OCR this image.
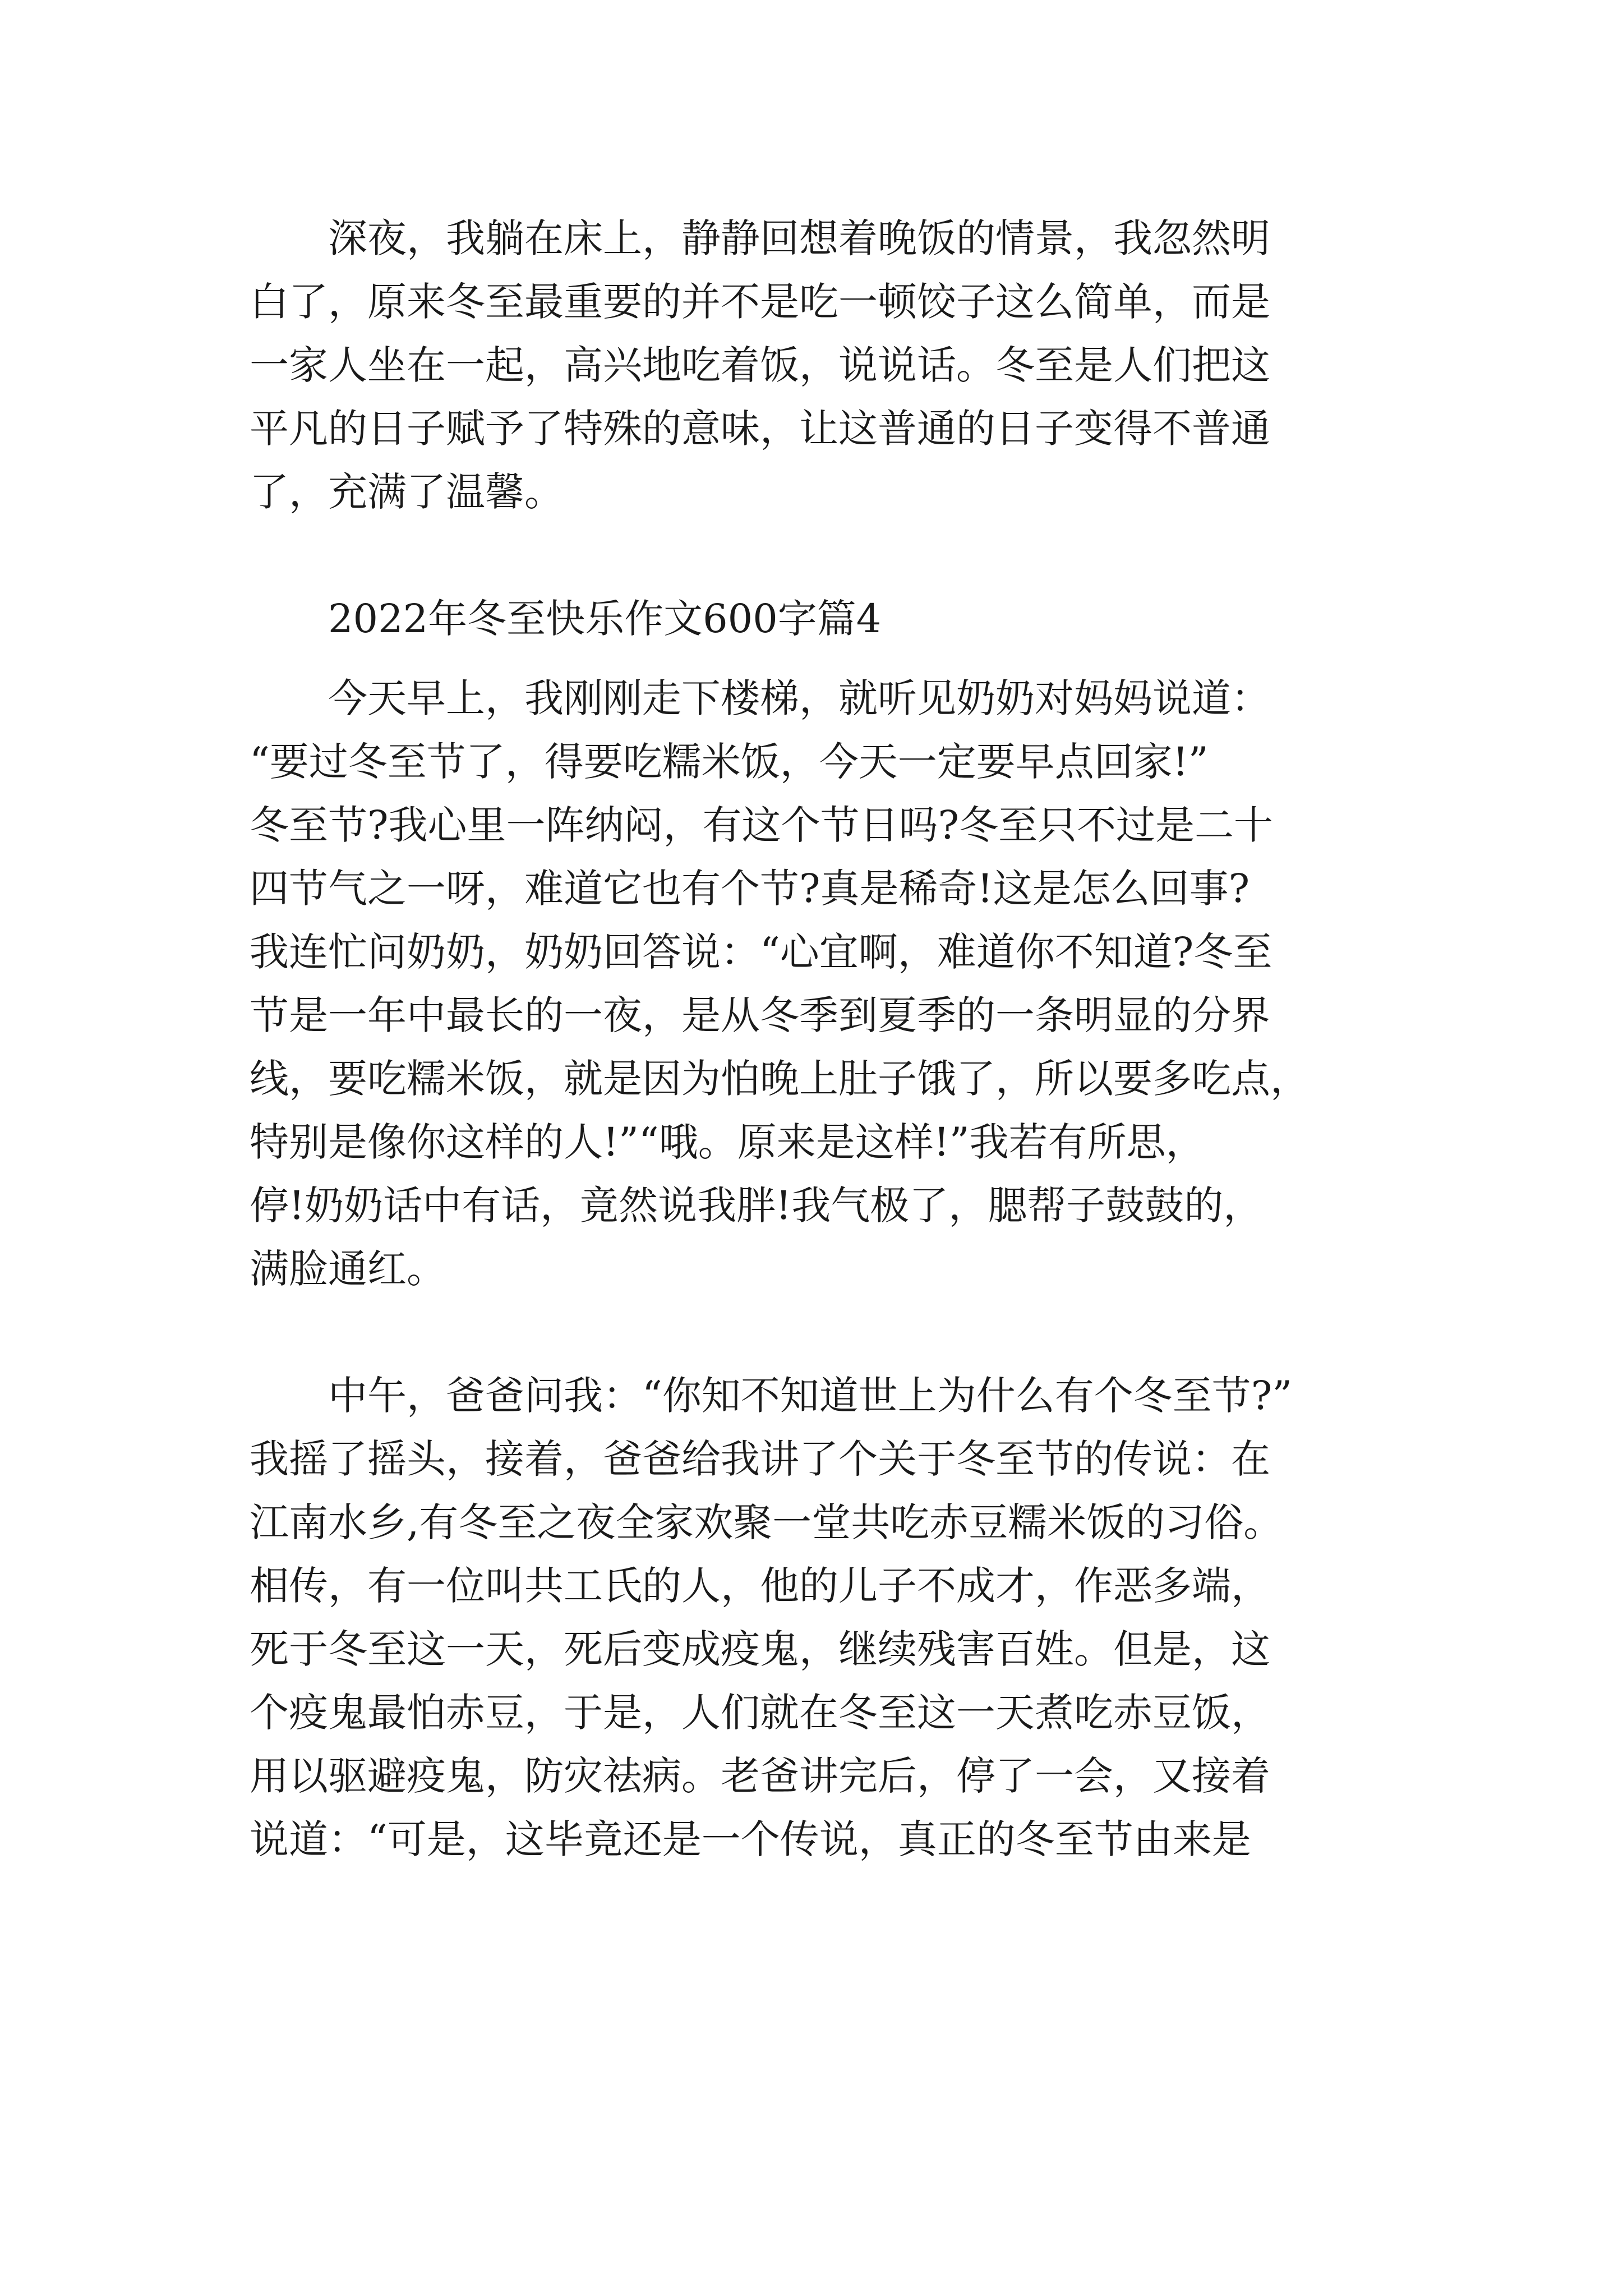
深夜，我躺在床上，静静回想着晚饭的情景，我忽然明
白了，原来冬至最重要的并不是吃一顿饺子这么简单，而是
一家人坐在一起，高兴地吃着饭，说说话。冬至是人们把这
平凡的日子赋予了特殊的意味，让这普通的日子变得不普通
了，充满了温馨。
2022年冬至快乐作文600字篇4
今天早上，我刚刚走下楼梯，就听见奶奶对妈妈说道：
“要过冬至节了，得要吃糯米饭，今天一定要早点回家!”
冬至节?我心里一阵纳闷，有这个节日吗?冬至只不过是二十
四节气之一呀，难道它也有个节?真是稀奇!这是怎么回事?
我连忙问奶奶，奶奶回答说：“心宜啊，难道你不知道?冬至
节是一年中最长的一夜，是从冬季到夏季的一条明显的分界
线，要吃糯米饭，就是因为怕晚上肚子饿了，所以要多吃点，
特别是像你这样的人!”“哦。原来是这样!”我若有所思，
停!奶奶话中有话，竟然说我胖!我气极了，腮帮子鼓鼓的，
满脸通红。
中午，爸爸问我：“你知不知道世上为什么有个冬至节?”
我摇了摇头，接着，爸爸给我讲了个关于冬至节的传说：在
江南水乡,有冬至之夜全家欢聚一堂共吃赤豆糯米饭的习俗。
相传，有一位叫共工氏的人，他的儿子不成才，作恶多端，
死于冬至这一天，死后变成疫鬼，继续残害百姓。但是，这
个疫鬼最怕赤豆，于是，人们就在冬至这一天煮吃赤豆饭，
用以驱避疫鬼，防灾祛病。老爸讲完后，停了一会，又接着
说道：“可是，这毕竟还是一个传说，真正的冬至节由来是
